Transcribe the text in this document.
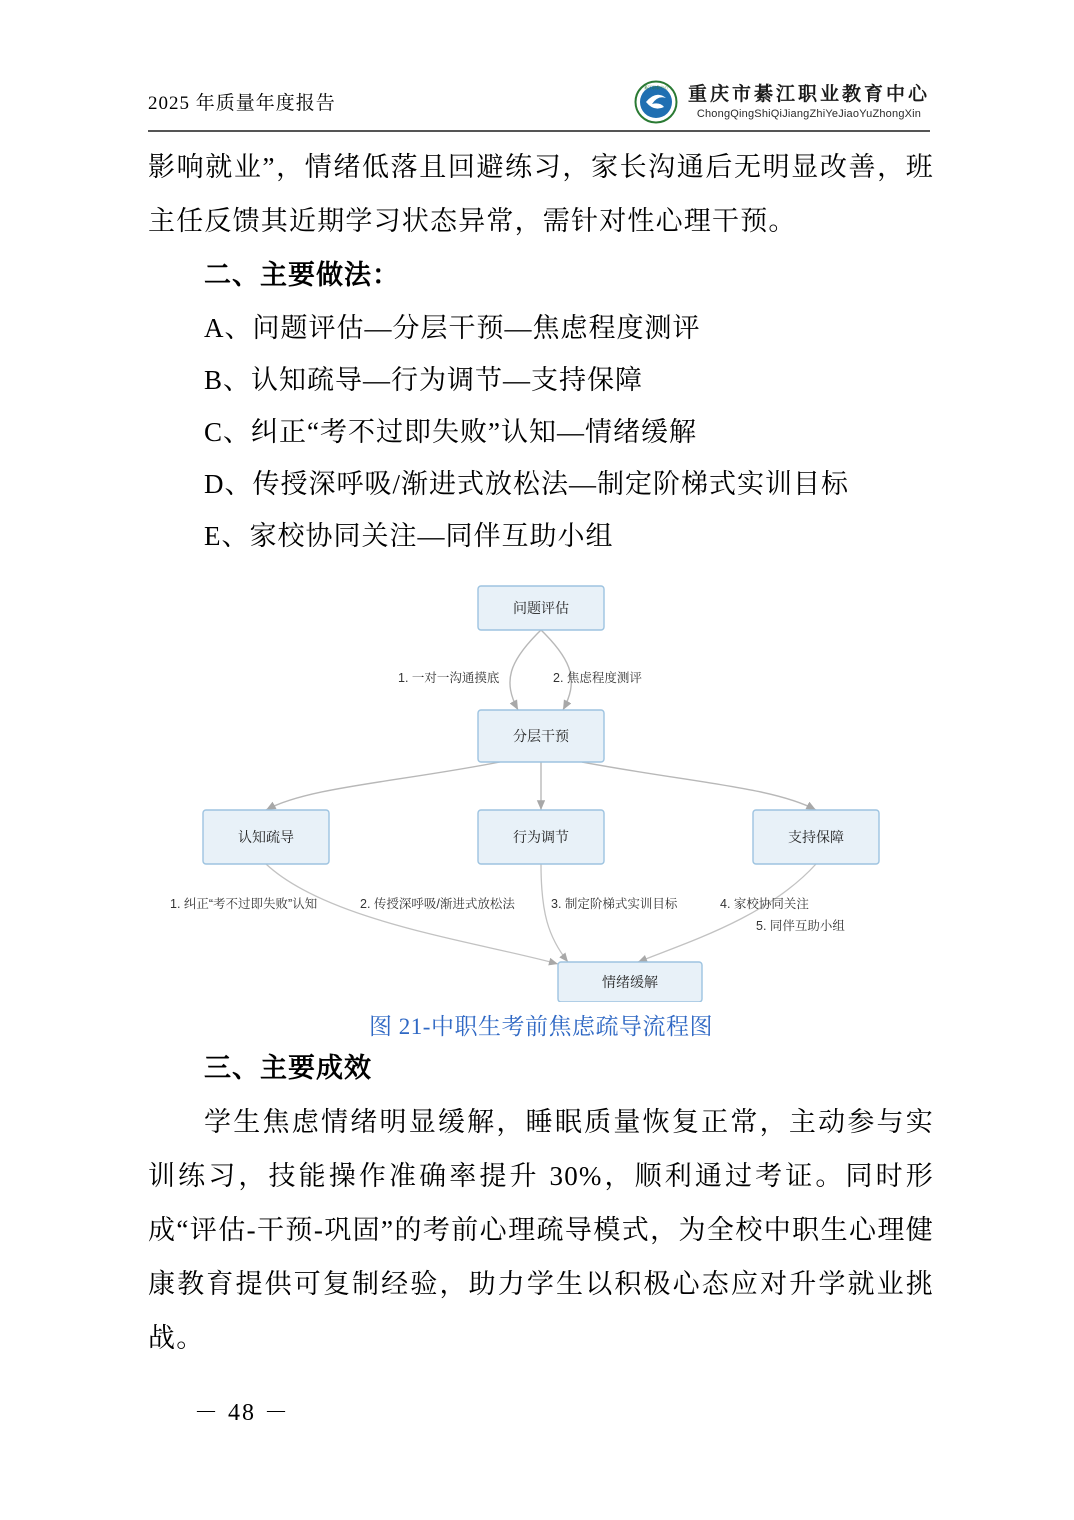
2025 年质量年度报告
綦江职教中心 重庆市綦江职业教育中心
ChongQingShiQiJiangZhiYeJiaoYuZhongXin
影响就业”，情绪低落且回避练习，家长沟通后无明显改善，班主任反馈其近期学习状态异常，需针对性心理干预。
二、主要做法：
A、问题评估—分层干预—焦虑程度测评
B、认知疏导—行为调节—支持保障
C、纠正“考不过即失败”认知—情绪缓解
D、传授深呼吸/渐进式放松法—制定阶梯式实训目标
E、家校协同关注—同伴互助小组
问题评估
1. 一对一沟通摸底	2. 焦虑程度测评
分层干预
认知疏导	行为调节	支持保障
1. 纠正“考不过即失败”认知	2. 传授深呼吸/渐进式放松法	3. 制定阶梯式实训目标	4. 家校协同关注
5. 同伴互助小组
情绪缓解
图 21-中职生考前焦虑疏导流程图
三、主要成效
学生焦虑情绪明显缓解，睡眠质量恢复正常，主动参与实训练习，技能操作准确率提升 30%，顺利通过考证。同时形成“评估-干预-巩固”的考前心理疏导模式，为全校中职生心理健康教育提供可复制经验，助力学生以积极心态应对升学就业挑战。
－ 48 －
